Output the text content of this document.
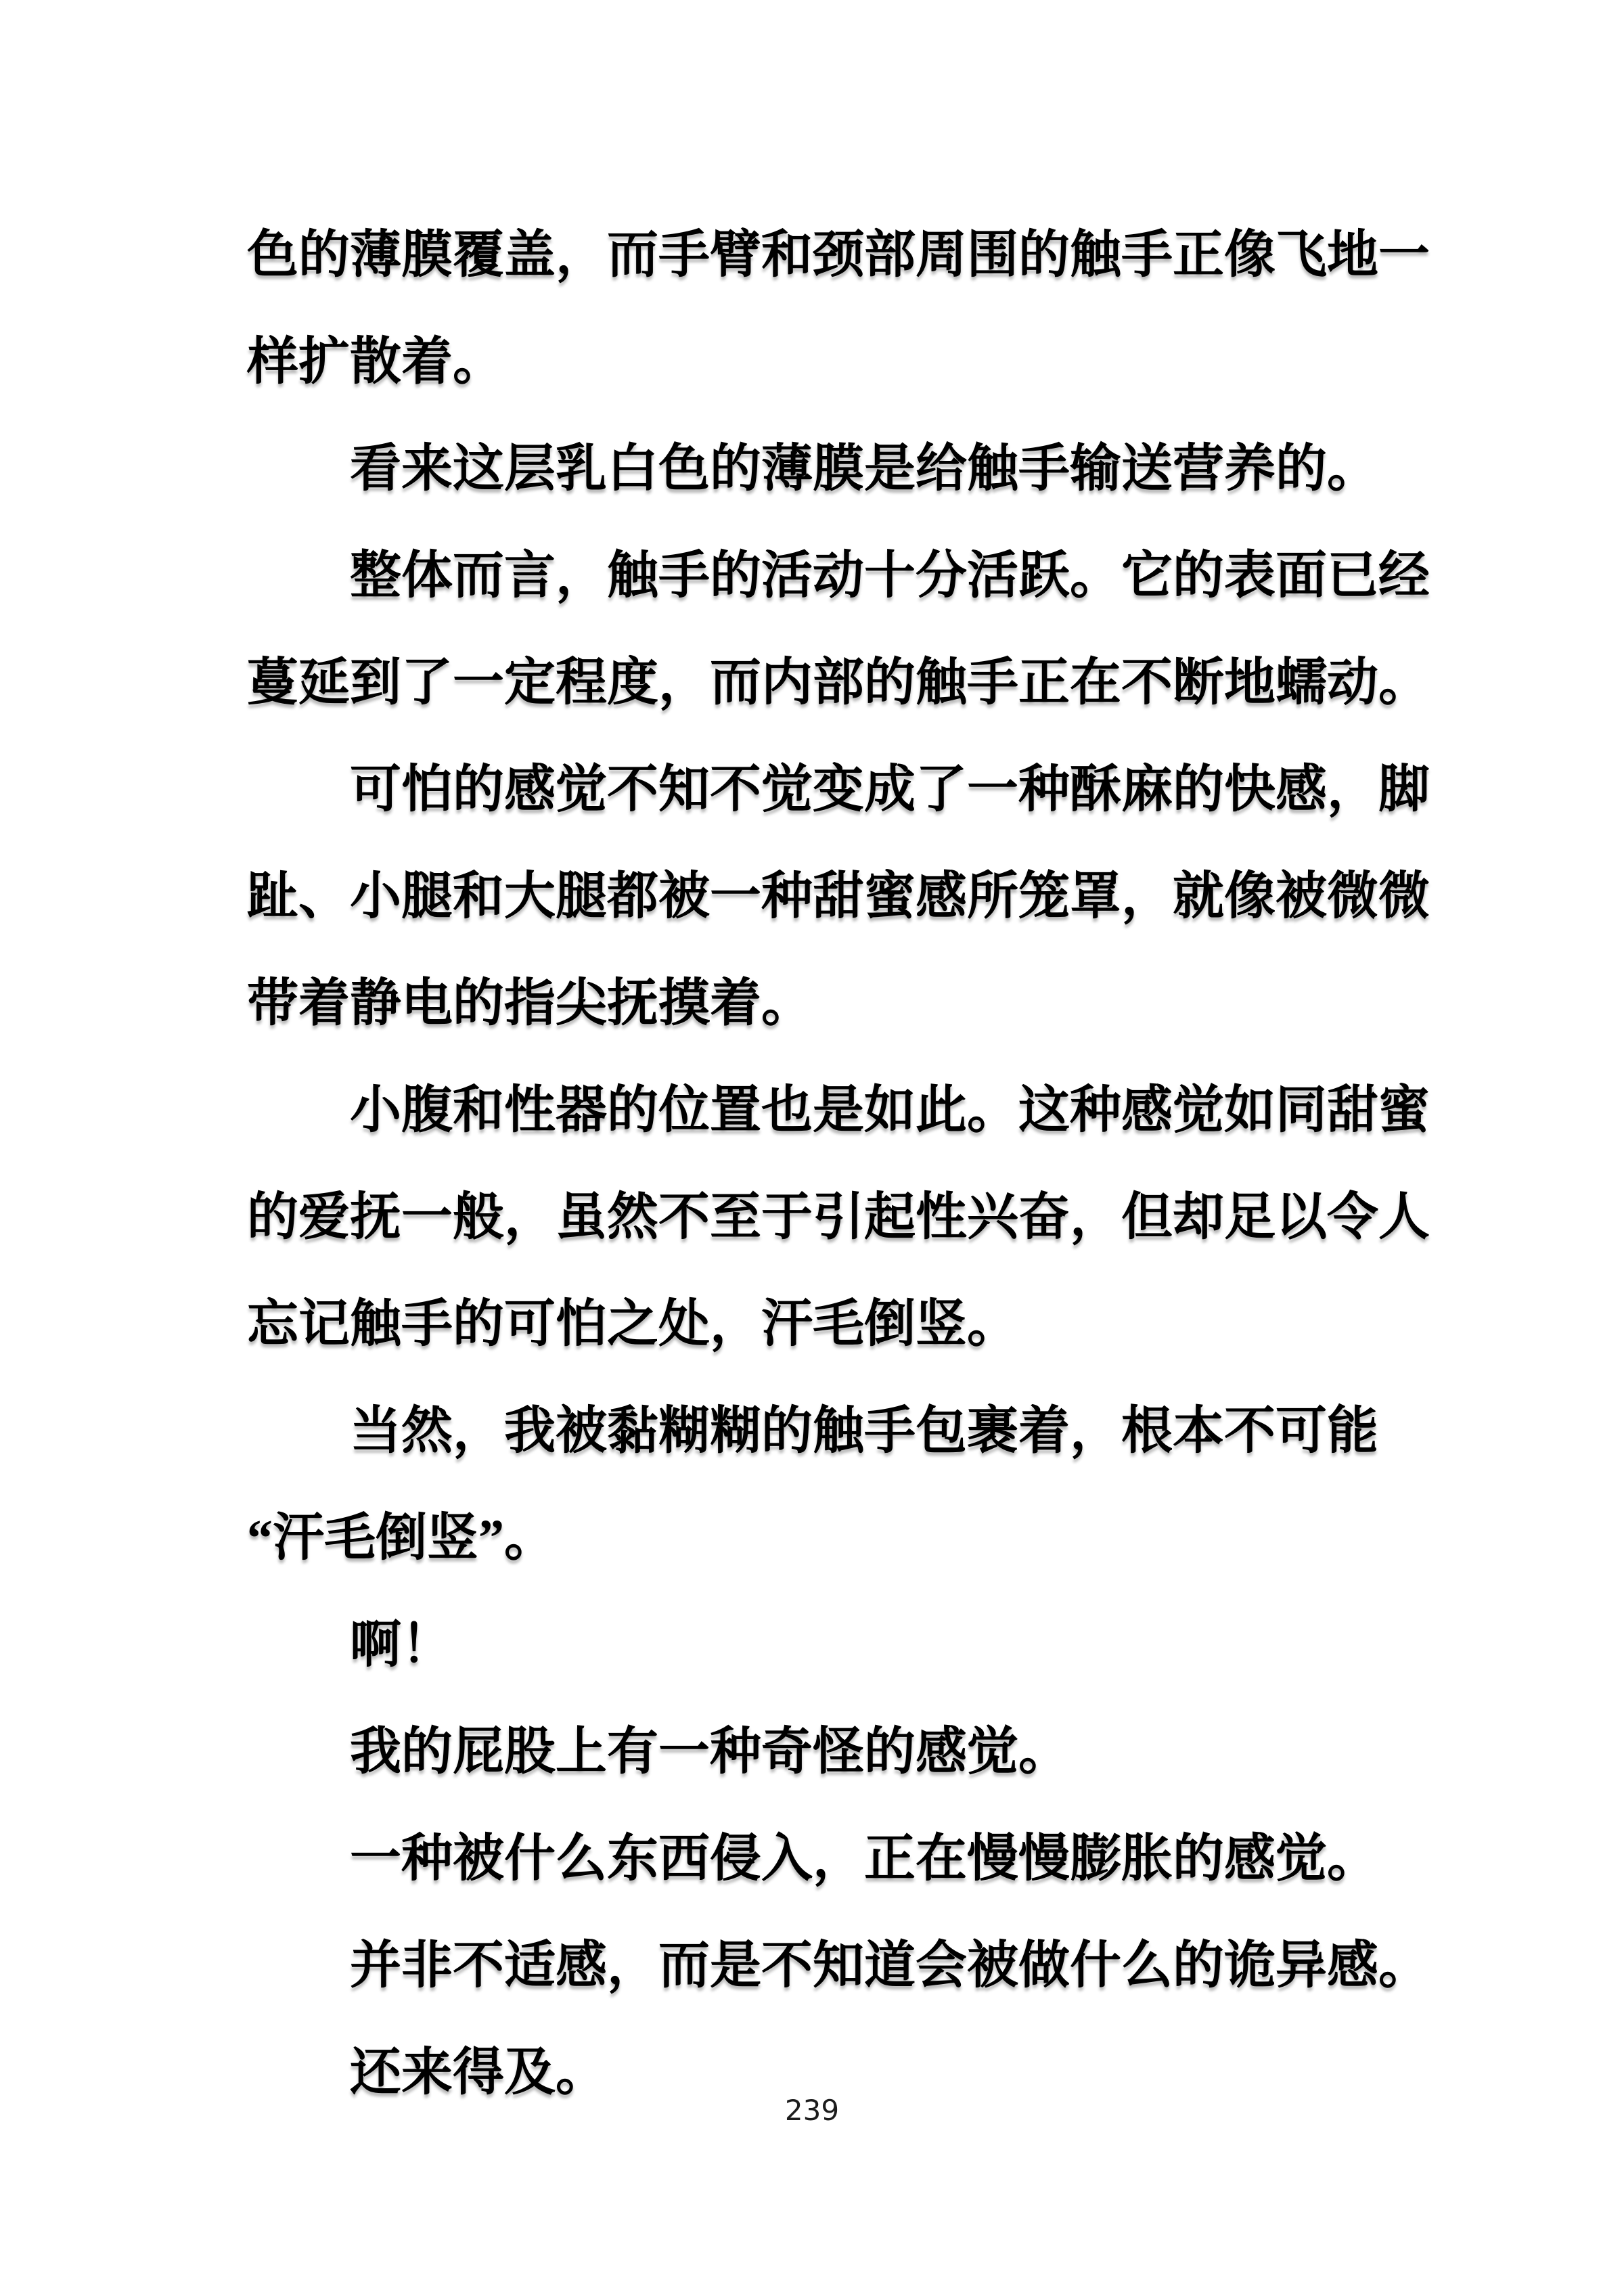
色的薄膜覆盖，而手臂和颈部周围的触手正像飞地一

样扩散着。

看来这层乳白色的薄膜是给触手输送营养的。

整体而言，触手的活动十分活跃。它的表面已经

蔓延到了一定程度，而内部的触手正在不断地蠕动。

可怕的感觉不知不觉变成了一种酥麻的快感，脚

趾、小腿和大腿都被一种甜蜜感所笼罩，就像被微微

带着静电的指尖抚摸着。

小腹和性器的位置也是如此。这种感觉如同甜蜜

的爱抚一般，虽然不至于引起性兴奋，但却足以令人

忘记触手的可怕之处，汗毛倒竖。

当然，我被黏糊糊的触手包裹着，根本不可能

“汗毛倒竖”。

啊！

我的屁股上有一种奇怪的感觉。

一种被什么东西侵入，正在慢慢膨胀的感觉。

并非不适感，而是不知道会被做什么的诡异感。

还来得及。

239
